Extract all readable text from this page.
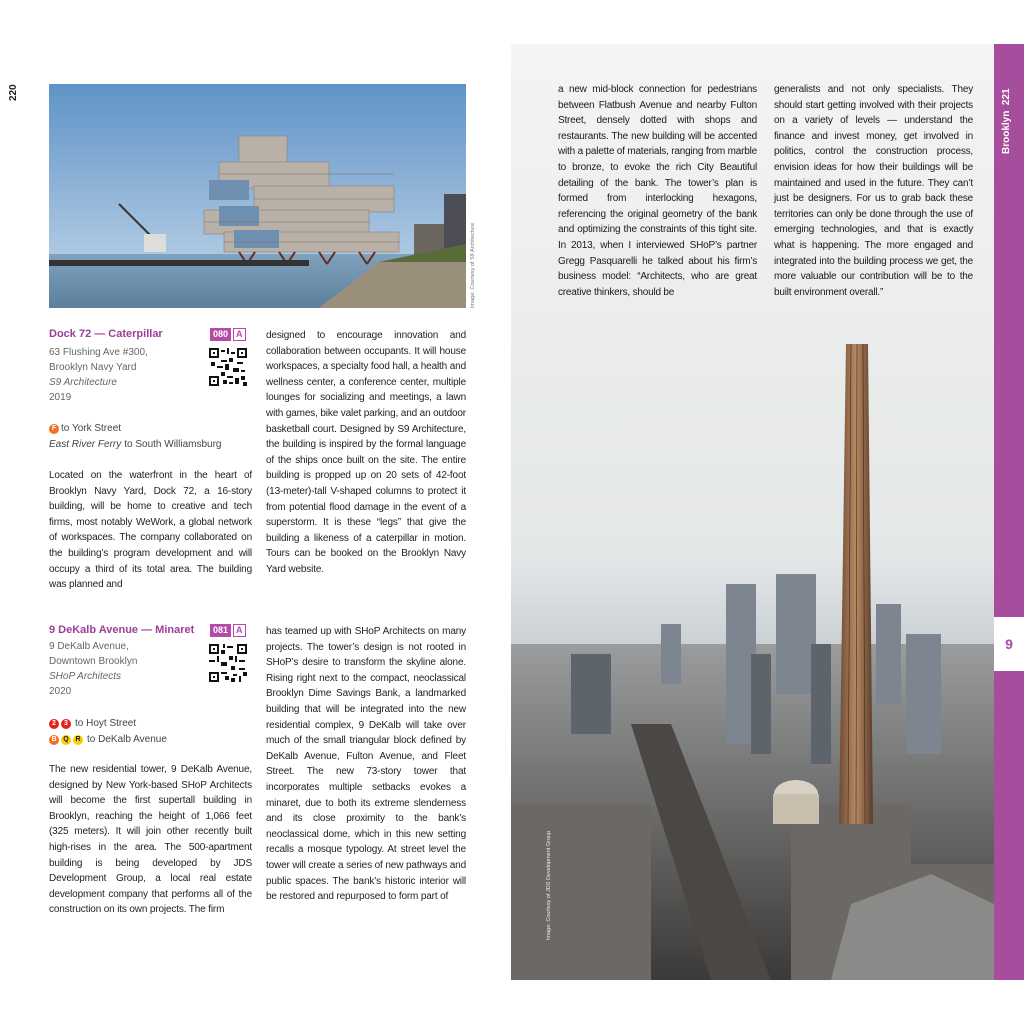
220
Image: Courtesy of S9 Architecture
Dock 72 — Caterpillar	080 A
63 Flushing Ave #300,
Brooklyn Navy Yard
S9 Architecture
2019
F to York Street
East River Ferry to South Williamsburg
Located on the waterfront in the heart of Brooklyn Navy Yard, Dock 72, a 16-story building, will be home to creative and tech firms, most notably WeWork, a global network of workspaces. The company collaborated on the building’s program development and will occupy a third of its total area. The building was planned and
designed to encourage innovation and collaboration between occupants. It will house workspaces, a specialty food hall, a health and wellness center, a conference center, multiple lounges for socializing and meetings, a lawn with games, bike valet parking, and an outdoor basketball court. Designed by S9 Architecture, the building is inspired by the formal language of the ships once built on the site. The entire building is propped up on 20 sets of 42-foot (13-meter)-tall V-shaped columns to protect it from potential flood damage in the event of a superstorm. It is these “legs” that give the building a likeness of a caterpillar in motion. Tours can be booked on the Brooklyn Navy Yard website.
9 DeKalb Avenue — Minaret	081 A
9 DeKalb Avenue,
Downtown Brooklyn
SHoP Architects
2020
2	3 to Hoyt Street
B Q R to DeKalb Avenue
The new residential tower, 9 DeKalb Avenue, designed by New York-based SHoP Architects will become the first supertall building in Brooklyn, reaching the height of 1,066 feet (325 meters). It will join other recently built high-rises in the area. The 500-apartment building is being developed by JDS Development Group, a local real estate development company that performs all of the construction on its own projects. The firm
has teamed up with SHoP Architects on many projects. The tower’s design is not rooted in SHoP’s desire to transform the skyline alone. Rising right next to the compact, neoclassical Brooklyn Dime Savings Bank, a landmarked building that will be integrated into the new residential complex, 9 DeKalb will take over much of the small triangular block defined by DeKalb Avenue, Fulton Avenue, and Fleet Street. The new 73-story tower that incorporates multiple setbacks evokes a minaret, due to both its extreme slenderness and its close proximity to the bank’s neoclassical dome, which in this new setting recalls a mosque typology. At street level the tower will create a series of new pathways and public spaces. The bank’s historic interior will be restored and repurposed to form part of
a new mid-block connection for pedestrians between Flatbush Avenue and nearby Fulton Street, densely dotted with shops and restaurants. The new building will be accented with a palette of materials, ranging from marble to bronze, to evoke the rich City Beautiful detailing of the bank. The tower’s plan is formed from interlocking hexagons, referencing the original geometry of the bank and optimizing the constraints of this tight site. In 2013, when I interviewed SHoP’s partner Gregg Pasquarelli he talked about his firm’s business model: “Architects, who are great creative thinkers, should be
generalists and not only specialists. They should start getting involved with their projects on a variety of levels — understand the finance and invest money, get involved in politics, control the construction process, envision ideas for how their buildings will be maintained and used in the future. They can’t just be designers. For us to grab back these territories can only be done through the use of emerging technologies, and that is exactly what is happening. The more engaged and integrated into the building process we get, the more valuable our contribution will be to the built environment overall.”
Image: Courtesy of JDS Development Group
Brooklyn  221
9
